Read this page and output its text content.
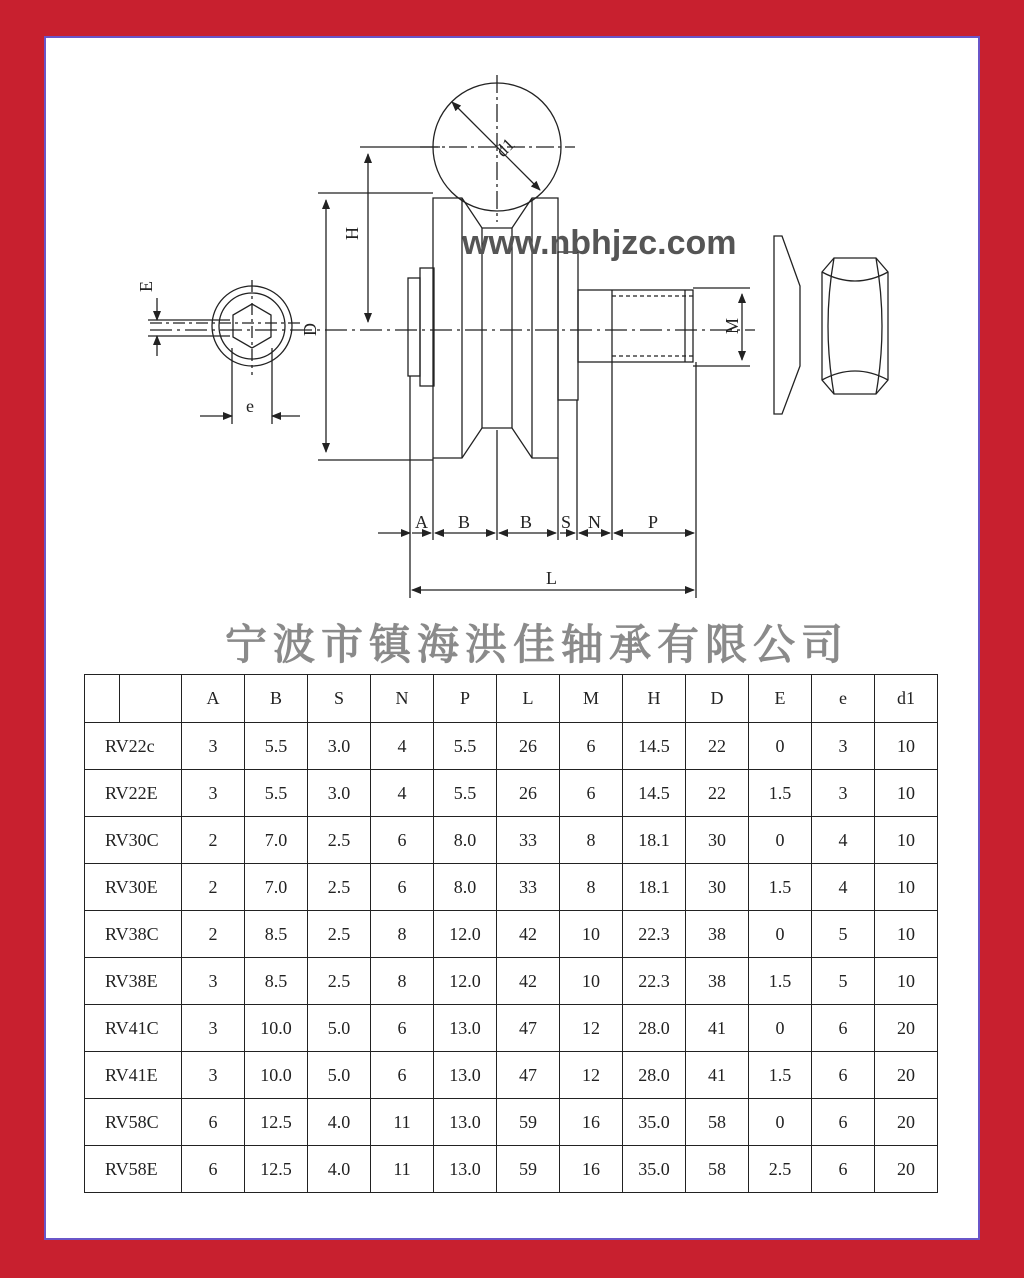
d1
H
D
E
e
M
A B	B S N	P
L
www.nbhjzc.com
宁波市镇海洪佳轴承有限公司
	A	B	S	N	P	L	M	H	D	E	e	d1
RV22c	3	5.5	3.0	4	5.5	26	6	14.5	22	0	3	10
RV22E	3	5.5	3.0	4	5.5	26	6	14.5	22	1.5	3	10
RV30C	2	7.0	2.5	6	8.0	33	8	18.1	30	0	4	10
RV30E	2	7.0	2.5	6	8.0	33	8	18.1	30	1.5	4	10
RV38C	2	8.5	2.5	8	12.0	42	10	22.3	38	0	5	10
RV38E	3	8.5	2.5	8	12.0	42	10	22.3	38	1.5	5	10
RV41C	3	10.0	5.0	6	13.0	47	12	28.0	41	0	6	20
RV41E	3	10.0	5.0	6	13.0	47	12	28.0	41	1.5	6	20
RV58C	6	12.5	4.0	11	13.0	59	16	35.0	58	0	6	20
RV58E	6	12.5	4.0	11	13.0	59	16	35.0	58	2.5	6	20
